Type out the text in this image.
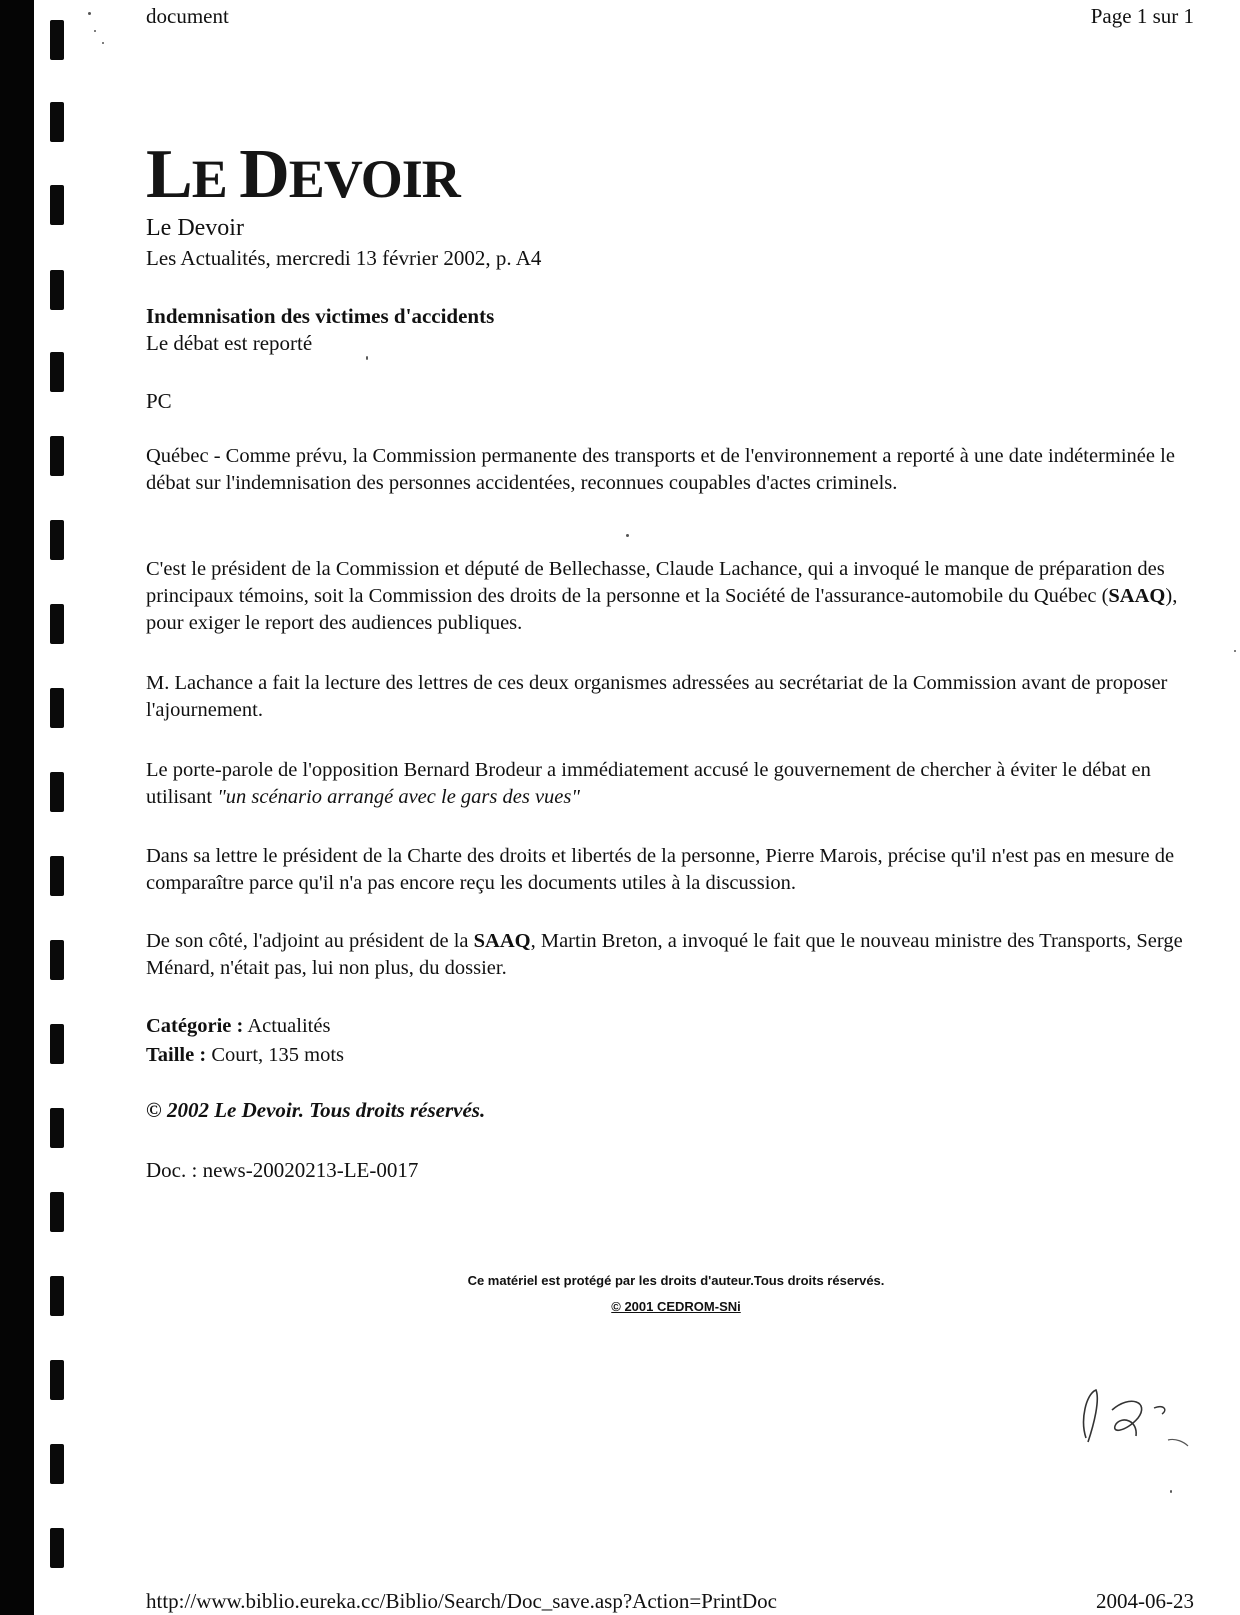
document	Page 1 sur 1
LE DEVOIR
Le Devoir
Les Actualités, mercredi 13 février 2002, p. A4
Indemnisation des victimes d'accidents
Le débat est reporté
PC
Québec - Comme prévu, la Commission permanente des transports et de l'environnement a reporté à une date indéterminée le débat sur l'indemnisation des personnes accidentées, reconnues coupables d'actes criminels.
C'est le président de la Commission et député de Bellechasse, Claude Lachance, qui a invoqué le manque de préparation des principaux témoins, soit la Commission des droits de la personne et la Société de l'assurance-automobile du Québec (SAAQ), pour exiger le report des audiences publiques.
M. Lachance a fait la lecture des lettres de ces deux organismes adressées au secrétariat de la Commission avant de proposer l'ajournement.
Le porte-parole de l'opposition Bernard Brodeur a immédiatement accusé le gouvernement de chercher à éviter le débat en utilisant "un scénario arrangé avec le gars des vues"
Dans sa lettre le président de la Charte des droits et libertés de la personne, Pierre Marois, précise qu'il n'est pas en mesure de comparaître parce qu'il n'a pas encore reçu les documents utiles à la discussion.
De son côté, l'adjoint au président de la SAAQ, Martin Breton, a invoqué le fait que le nouveau ministre des Transports, Serge Ménard, n'était pas, lui non plus, du dossier.
Catégorie : Actualités
Taille : Court, 135 mots
© 2002 Le Devoir. Tous droits réservés.
Doc. : news-20020213-LE-0017
Ce matériel est protégé par les droits d'auteur.Tous droits réservés.
© 2001 CEDROM-SNi
http://www.biblio.eureka.cc/Biblio/Search/Doc_save.asp?Action=PrintDoc	2004-06-23
